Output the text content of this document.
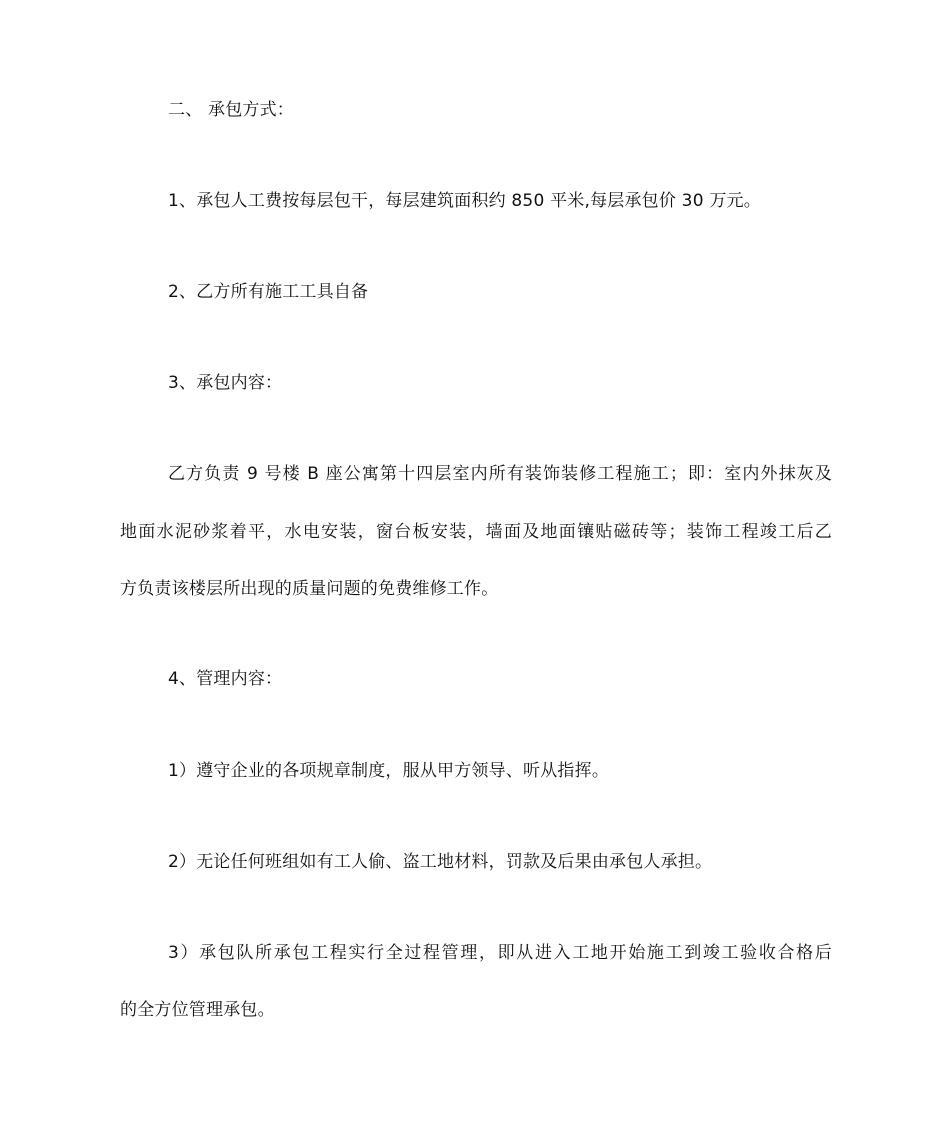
二、 承包方式：
1、承包人工费按每层包干，每层建筑面积约 850 平米,每层承包价 30 万元。
2、乙方所有施工工具自备
3、承包内容：
乙方负责 9 号楼 B 座公寓第十四层室内所有装饰装修工程施工；即：室内外抹灰及
地面水泥砂浆着平，水电安装，窗台板安装，墙面及地面镶贴磁砖等；装饰工程竣工后乙
方负责该楼层所出现的质量问题的免费维修工作。
4、管理内容：
1）遵守企业的各项规章制度，服从甲方领导、听从指挥。
2）无论任何班组如有工人偷、盗工地材料，罚款及后果由承包人承担。
3）承包队所承包工程实行全过程管理，即从进入工地开始施工到竣工验收合格后
的全方位管理承包。
